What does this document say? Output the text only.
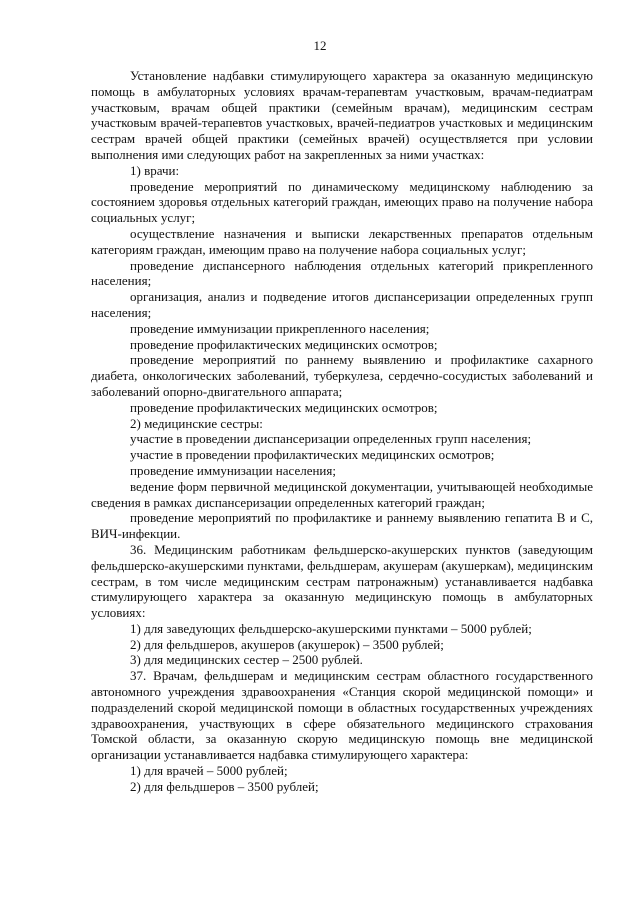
12

Установление надбавки стимулирующего характера за оказанную медицинскую помощь в амбулаторных условиях врачам-терапевтам участковым, врачам-педиатрам участковым, врачам общей практики (семейным врачам), медицинским сестрам участковым врачей-терапевтов участковых, врачей-педиатров участковых и медицинским сестрам врачей общей практики (семейных врачей) осуществляется при условии выполнения ими следующих работ на закрепленных за ними участках:

1) врачи:

проведение мероприятий по динамическому медицинскому наблюдению за состоянием здоровья отдельных категорий граждан, имеющих право на получение набора социальных услуг;

осуществление назначения и выписки лекарственных препаратов отдельным категориям граждан, имеющим право на получение набора социальных услуг;

проведение диспансерного наблюдения отдельных категорий прикрепленного населения;

организация, анализ и подведение итогов диспансеризации определенных групп населения;

проведение иммунизации прикрепленного населения;

проведение профилактических медицинских осмотров;

проведение мероприятий по раннему выявлению и профилактике сахарного диабета, онкологических заболеваний, туберкулеза, сердечно-сосудистых заболеваний и заболеваний опорно-двигательного аппарата;

проведение профилактических медицинских осмотров;

2) медицинские сестры:

участие в проведении диспансеризации определенных групп населения;

участие в проведении профилактических медицинских осмотров;

проведение иммунизации населения;

ведение форм первичной медицинской документации, учитывающей необходимые сведения в рамках диспансеризации определенных категорий граждан;

проведение мероприятий по профилактике и раннему выявлению гепатита В и С, ВИЧ-инфекции.

36. Медицинским работникам фельдшерско-акушерских пунктов (заведующим фельдшерско-акушерскими пунктами, фельдшерам, акушерам (акушеркам), медицинским сестрам, в том числе медицинским сестрам патронажным) устанавливается надбавка стимулирующего характера за оказанную медицинскую помощь в амбулаторных условиях:

1) для заведующих фельдшерско-акушерскими пунктами – 5000 рублей;

2) для фельдшеров, акушеров (акушерок) – 3500 рублей;

3) для медицинских сестер – 2500 рублей.

37. Врачам, фельдшерам и медицинским сестрам областного государственного автономного учреждения здравоохранения «Станция скорой медицинской помощи» и подразделений скорой медицинской помощи в областных государственных учреждениях здравоохранения, участвующих в сфере обязательного медицинского страхования Томской области, за оказанную скорую медицинскую помощь вне медицинской организации устанавливается надбавка стимулирующего характера:

1) для врачей – 5000 рублей;

2) для фельдшеров – 3500 рублей;
